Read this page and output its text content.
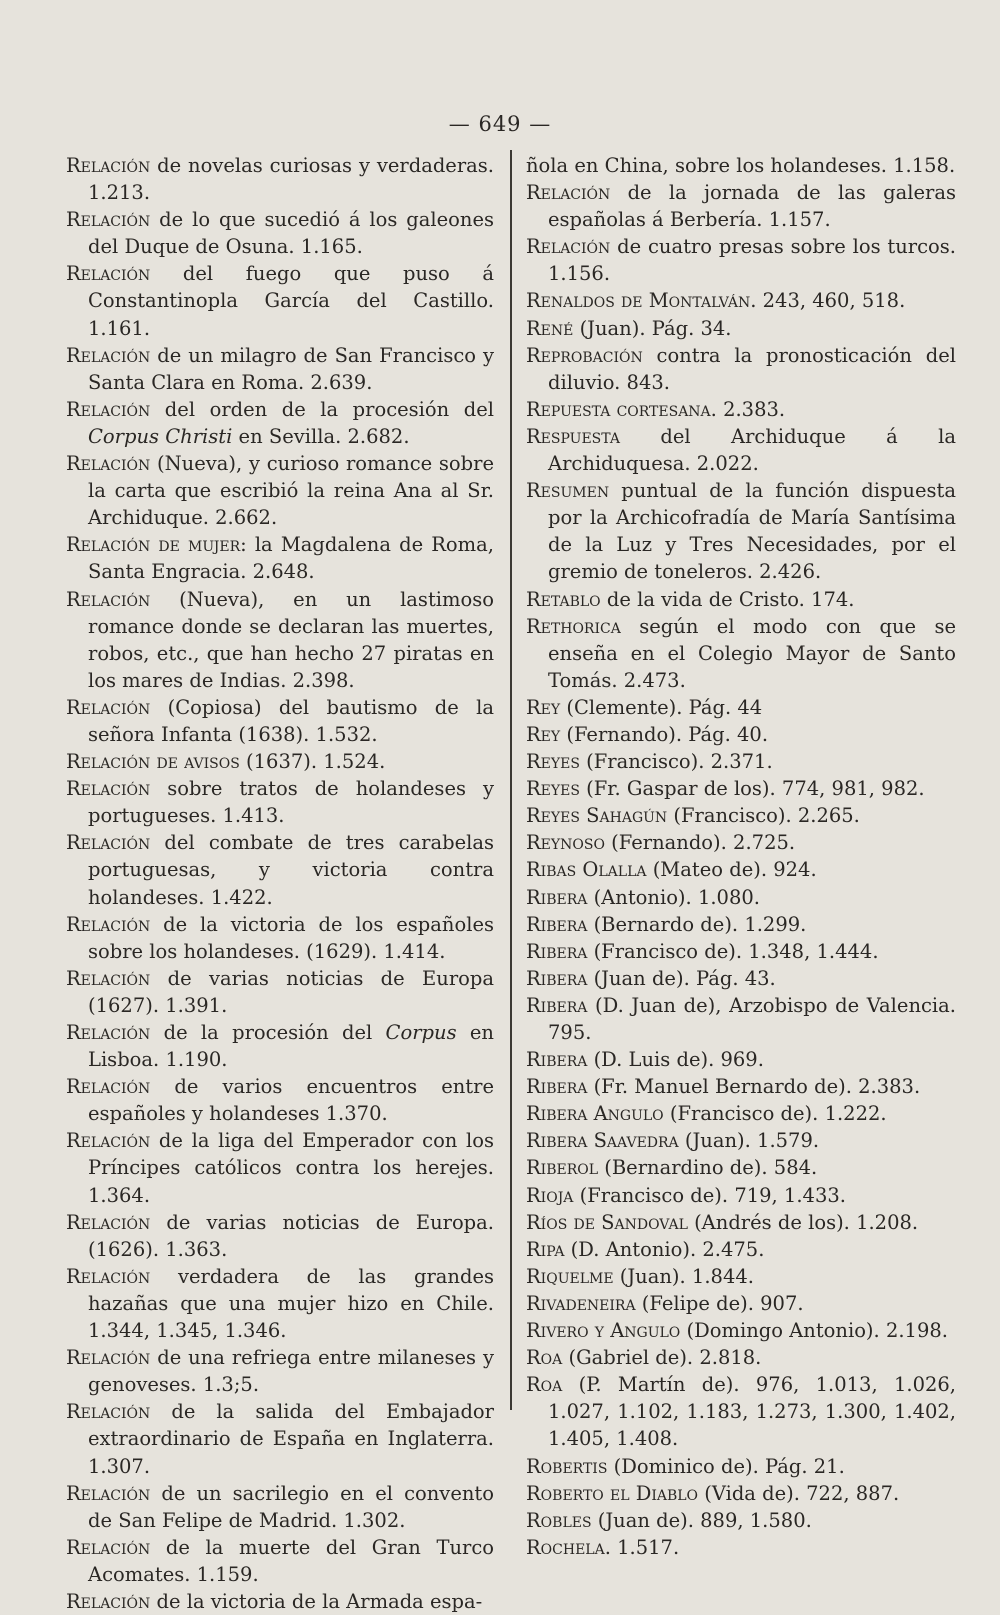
— 649 —

Relación de novelas curiosas y verdaderas. 1.213.

Relación de lo que sucedió á los galeones del Duque de Osuna. 1.165.

Relación del fuego que puso á Constantinopla García del Castillo. 1.161.

Relación de un milagro de San Francisco y Santa Clara en Roma. 2.639.

Relación del orden de la procesión del Corpus Christi en Sevilla. 2.682.

Relación (Nueva), y curioso romance sobre la carta que escribió la reina Ana al Sr. Archiduque. 2.662.

Relación de mujer: la Magdalena de Roma, Santa Engracia. 2.648.

Relación (Nueva), en un lastimoso romance donde se declaran las muertes, robos, etc., que han hecho 27 piratas en los mares de Indias. 2.398.

Relación (Copiosa) del bautismo de la señora Infanta (1638). 1.532.

Relación de avisos (1637). 1.524.

Relación sobre tratos de holandeses y portugueses. 1.413.

Relación del combate de tres carabelas portuguesas, y victoria contra holandeses. 1.422.

Relación de la victoria de los españoles sobre los holandeses. (1629). 1.414.

Relación de varias noticias de Europa (1627). 1.391.

Relación de la procesión del Corpus en Lisboa. 1.190.

Relación de varios encuentros entre españoles y holandeses 1.370.

Relación de la liga del Emperador con los Príncipes católicos contra los herejes. 1.364.

Relación de varias noticias de Europa. (1626). 1.363.

Relación verdadera de las grandes hazañas que una mujer hizo en Chile. 1.344, 1.345, 1.346.

Relación de una refriega entre milaneses y genoveses. 1.3;5.

Relación de la salida del Embajador extraordinario de España en Inglaterra. 1.307.

Relación de un sacrilegio en el convento de San Felipe de Madrid. 1.302.

Relación de la muerte del Gran Turco Acomates. 1.159.

Relación de la victoria de la Armada espa-

ñola en China, sobre los holandeses. 1.158.

Relación de la jornada de las galeras españolas á Berbería. 1.157.

Relación de cuatro presas sobre los turcos. 1.156.

Renaldos de Montalván. 243, 460, 518.

René (Juan). Pág. 34.

Reprobación contra la pronosticación del diluvio. 843.

Repuesta cortesana. 2.383.

Respuesta del Archiduque á la Archiduquesa. 2.022.

Resumen puntual de la función dispuesta por la Archicofradía de María Santísima de la Luz y Tres Necesidades, por el gremio de toneleros. 2.426.

Retablo de la vida de Cristo. 174.

Rethorica según el modo con que se enseña en el Colegio Mayor de Santo Tomás. 2.473.

Rey (Clemente). Pág. 44

Rey (Fernando). Pág. 40.

Reyes (Francisco). 2.371.

Reyes (Fr. Gaspar de los). 774, 981, 982.

Reyes Sahagún (Francisco). 2.265.

Reynoso (Fernando). 2.725.

Ribas Olalla (Mateo de). 924.

Ribera (Antonio). 1.080.

Ribera (Bernardo de). 1.299.

Ribera (Francisco de). 1.348, 1.444.

Ribera (Juan de). Pág. 43.

Ribera (D. Juan de), Arzobispo de Valencia. 795.

Ribera (D. Luis de). 969.

Ribera (Fr. Manuel Bernardo de). 2.383.

Ribera Angulo (Francisco de). 1.222.

Ribera Saavedra (Juan). 1.579.

Riberol (Bernardino de). 584.

Rioja (Francisco de). 719, 1.433.

Ríos de Sandoval (Andrés de los). 1.208.

Ripa (D. Antonio). 2.475.

Riquelme (Juan). 1.844.

Rivadeneira (Felipe de). 907.

Rivero y Angulo (Domingo Antonio). 2.198.

Roa (Gabriel de). 2.818.

Roa (P. Martín de). 976, 1.013, 1.026, 1.027, 1.102, 1.183, 1.273, 1.300, 1.402, 1.405, 1.408.

Robertis (Dominico de). Pág. 21.

Roberto el Diablo (Vida de). 722, 887.

Robles (Juan de). 889, 1.580.

Rochela. 1.517.
